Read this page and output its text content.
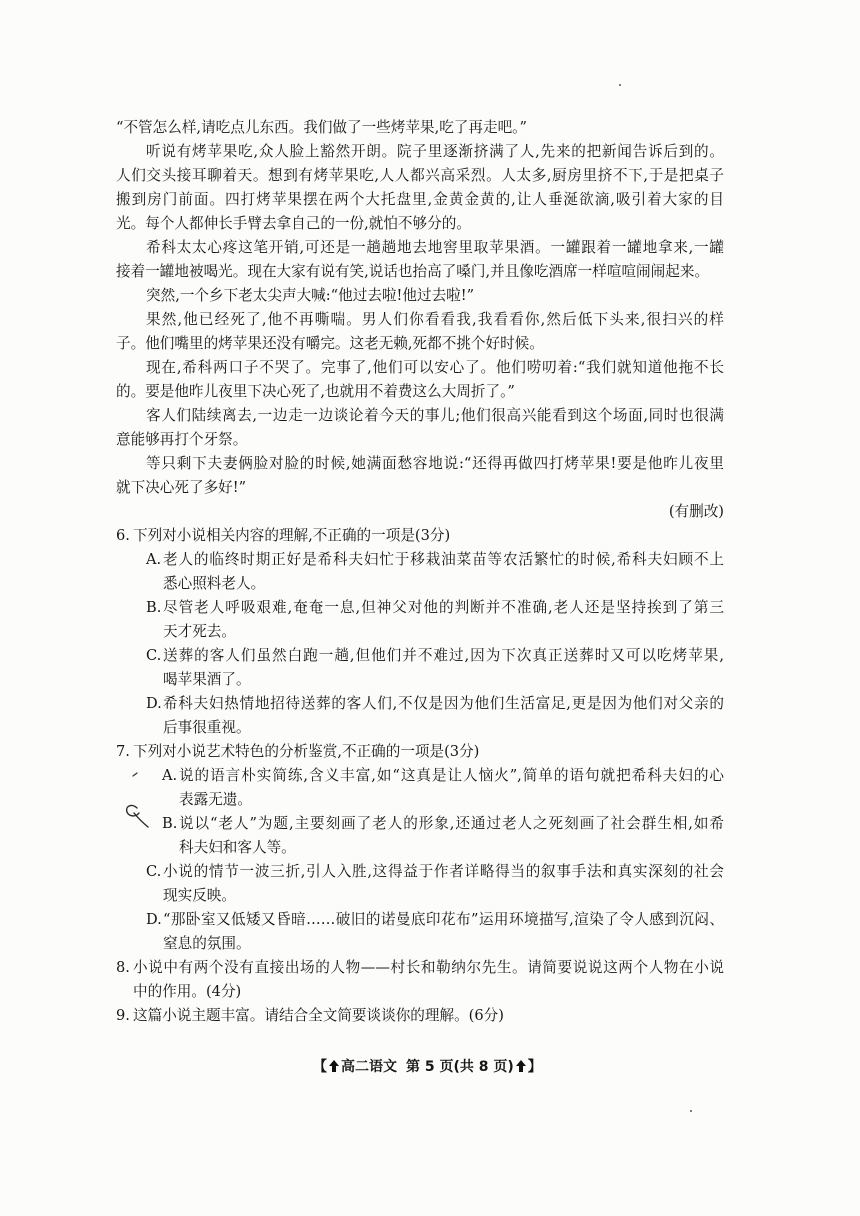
“不管怎么样,请吃点儿东西。我们做了一些烤苹果,吃了再走吧。”
听说有烤苹果吃,众人脸上豁然开朗。院子里逐渐挤满了人,先来的把新闻告诉后到的。
人们交头接耳聊着天。想到有烤苹果吃,人人都兴高采烈。人太多,厨房里挤不下,于是把桌子
搬到房门前面。四打烤苹果摆在两个大托盘里,金黄金黄的,让人垂涎欲滴,吸引着大家的目
光。每个人都伸长手臂去拿自己的一份,就怕不够分的。
希科太太心疼这笔开销,可还是一趟趟地去地窖里取苹果酒。一罐跟着一罐地拿来,一罐
接着一罐地被喝光。现在大家有说有笑,说话也抬高了嗓门,并且像吃酒席一样喧喧闹闹起来。
突然,一个乡下老太尖声大喊:“他过去啦!他过去啦!”
果然,他已经死了,他不再嘶喘。男人们你看看我,我看看你,然后低下头来,很扫兴的样
子。他们嘴里的烤苹果还没有嚼完。这老无赖,死都不挑个好时候。
现在,希科两口子不哭了。完事了,他们可以安心了。他们唠叨着:“我们就知道他拖不长
的。要是他昨儿夜里下决心死了,也就用不着费这么大周折了。”
客人们陆续离去,一边走一边谈论着今天的事儿;他们很高兴能看到这个场面,同时也很满
意能够再打个牙祭。
等只剩下夫妻俩脸对脸的时候,她满面愁容地说:“还得再做四打烤苹果!要是他昨儿夜里
就下决心死了多好!”
(有删改)
6. 下列对小说相关内容的理解,不正确的一项是(3分)
A. 老人的临终时期正好是希科夫妇忙于移栽油菜苗等农活繁忙的时候,希科夫妇顾不上
悉心照料老人。
B. 尽管老人呼吸艰难,奄奄一息,但神父对他的判断并不准确,老人还是坚持挨到了第三
天才死去。
C. 送葬的客人们虽然白跑一趟,但他们并不难过,因为下次真正送葬时又可以吃烤苹果,
喝苹果酒了。
D. 希科夫妇热情地招待送葬的客人们,不仅是因为他们生活富足,更是因为他们对父亲的
后事很重视。
7. 下列对小说艺术特色的分析鉴赏,不正确的一项是(3分)
A. 说的语言朴实简练,含义丰富,如“这真是让人恼火”,简单的语句就把希科夫妇的心
表露无遗。
B. 说以“老人”为题,主要刻画了老人的形象,还通过老人之死刻画了社会群生相,如希
科夫妇和客人等。
C. 小说的情节一波三折,引人入胜,这得益于作者详略得当的叙事手法和真实深刻的社会
现实反映。
D. “那卧室又低矮又昏暗……破旧的诺曼底印花布”运用环境描写,渲染了令人感到沉闷、
窒息的氛围。
8. 小说中有两个没有直接出场的人物——村长和勒纳尔先生。请简要说说这两个人物在小说
中的作用。(4分)
9. 这篇小说主题丰富。请结合全文简要谈谈你的理解。(6分)
【 高二语文 第 5 页(共 8 页) 】
